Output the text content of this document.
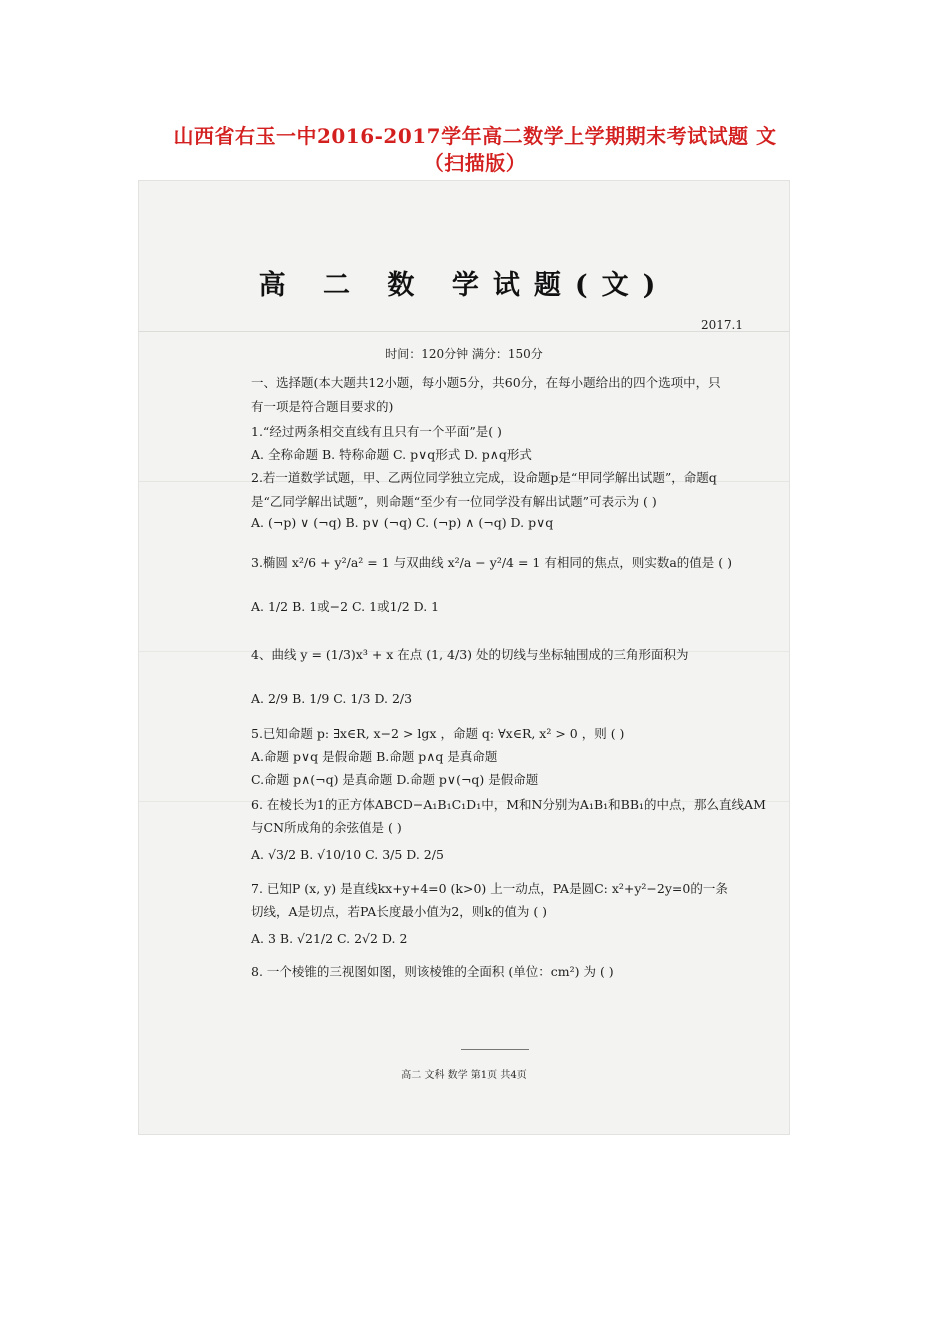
山西省右玉一中2016-2017学年高二数学上学期期末考试试题 文
（扫描版）
高 二 数 学试题(文)
2017.1
时间：120分钟 满分：150分
一、选择题(本大题共12小题，每小题5分，共60分，在每小题给出的四个选项中，只
有一项是符合题目要求的)
1.“经过两条相交直线有且只有一个平面”是( )
A. 全称命题 B. 特称命题 C. p∨q形式 D. p∧q形式
2.若一道数学试题，甲、乙两位同学独立完成，设命题p是“甲同学解出试题”，命题q
是“乙同学解出试题”，则命题“至少有一位同学没有解出试题”可表示为 ( )
A. (¬p) ∨ (¬q) B. p∨ (¬q) C. (¬p) ∧ (¬q) D. p∨q
3.椭圆 x²/6 + y²/a² = 1 与双曲线 x²/a − y²/4 = 1 有相同的焦点，则实数a的值是 ( )
A. 1/2 B. 1或−2 C. 1或1/2 D. 1
4、曲线 y = (1/3)x³ + x 在点 (1, 4/3) 处的切线与坐标轴围成的三角形面积为
A. 2/9 B. 1/9 C. 1/3 D. 2/3
5.已知命题 p: ∃x∈R, x−2 > lgx ，命题 q: ∀x∈R, x² > 0 ，则 ( )
A.命题 p∨q 是假命题 B.命题 p∧q 是真命题
C.命题 p∧(¬q) 是真命题 D.命题 p∨(¬q) 是假命题
6. 在棱长为1的正方体ABCD−A₁B₁C₁D₁中，M和N分别为A₁B₁和BB₁的中点，那么直线AM
与CN所成角的余弦值是 ( )
A. √3/2 B. √10/10 C. 3/5 D. 2/5
7. 已知P (x, y) 是直线kx+y+4=0 (k>0) 上一动点，PA是圆C: x²+y²−2y=0的一条
切线，A是切点，若PA长度最小值为2，则k的值为 ( )
A. 3 B. √21/2 C. 2√2 D. 2
8. 一个棱锥的三视图如图，则该棱锥的全面积 (单位：cm²) 为 ( )
高二 文科 数学 第1页 共4页
